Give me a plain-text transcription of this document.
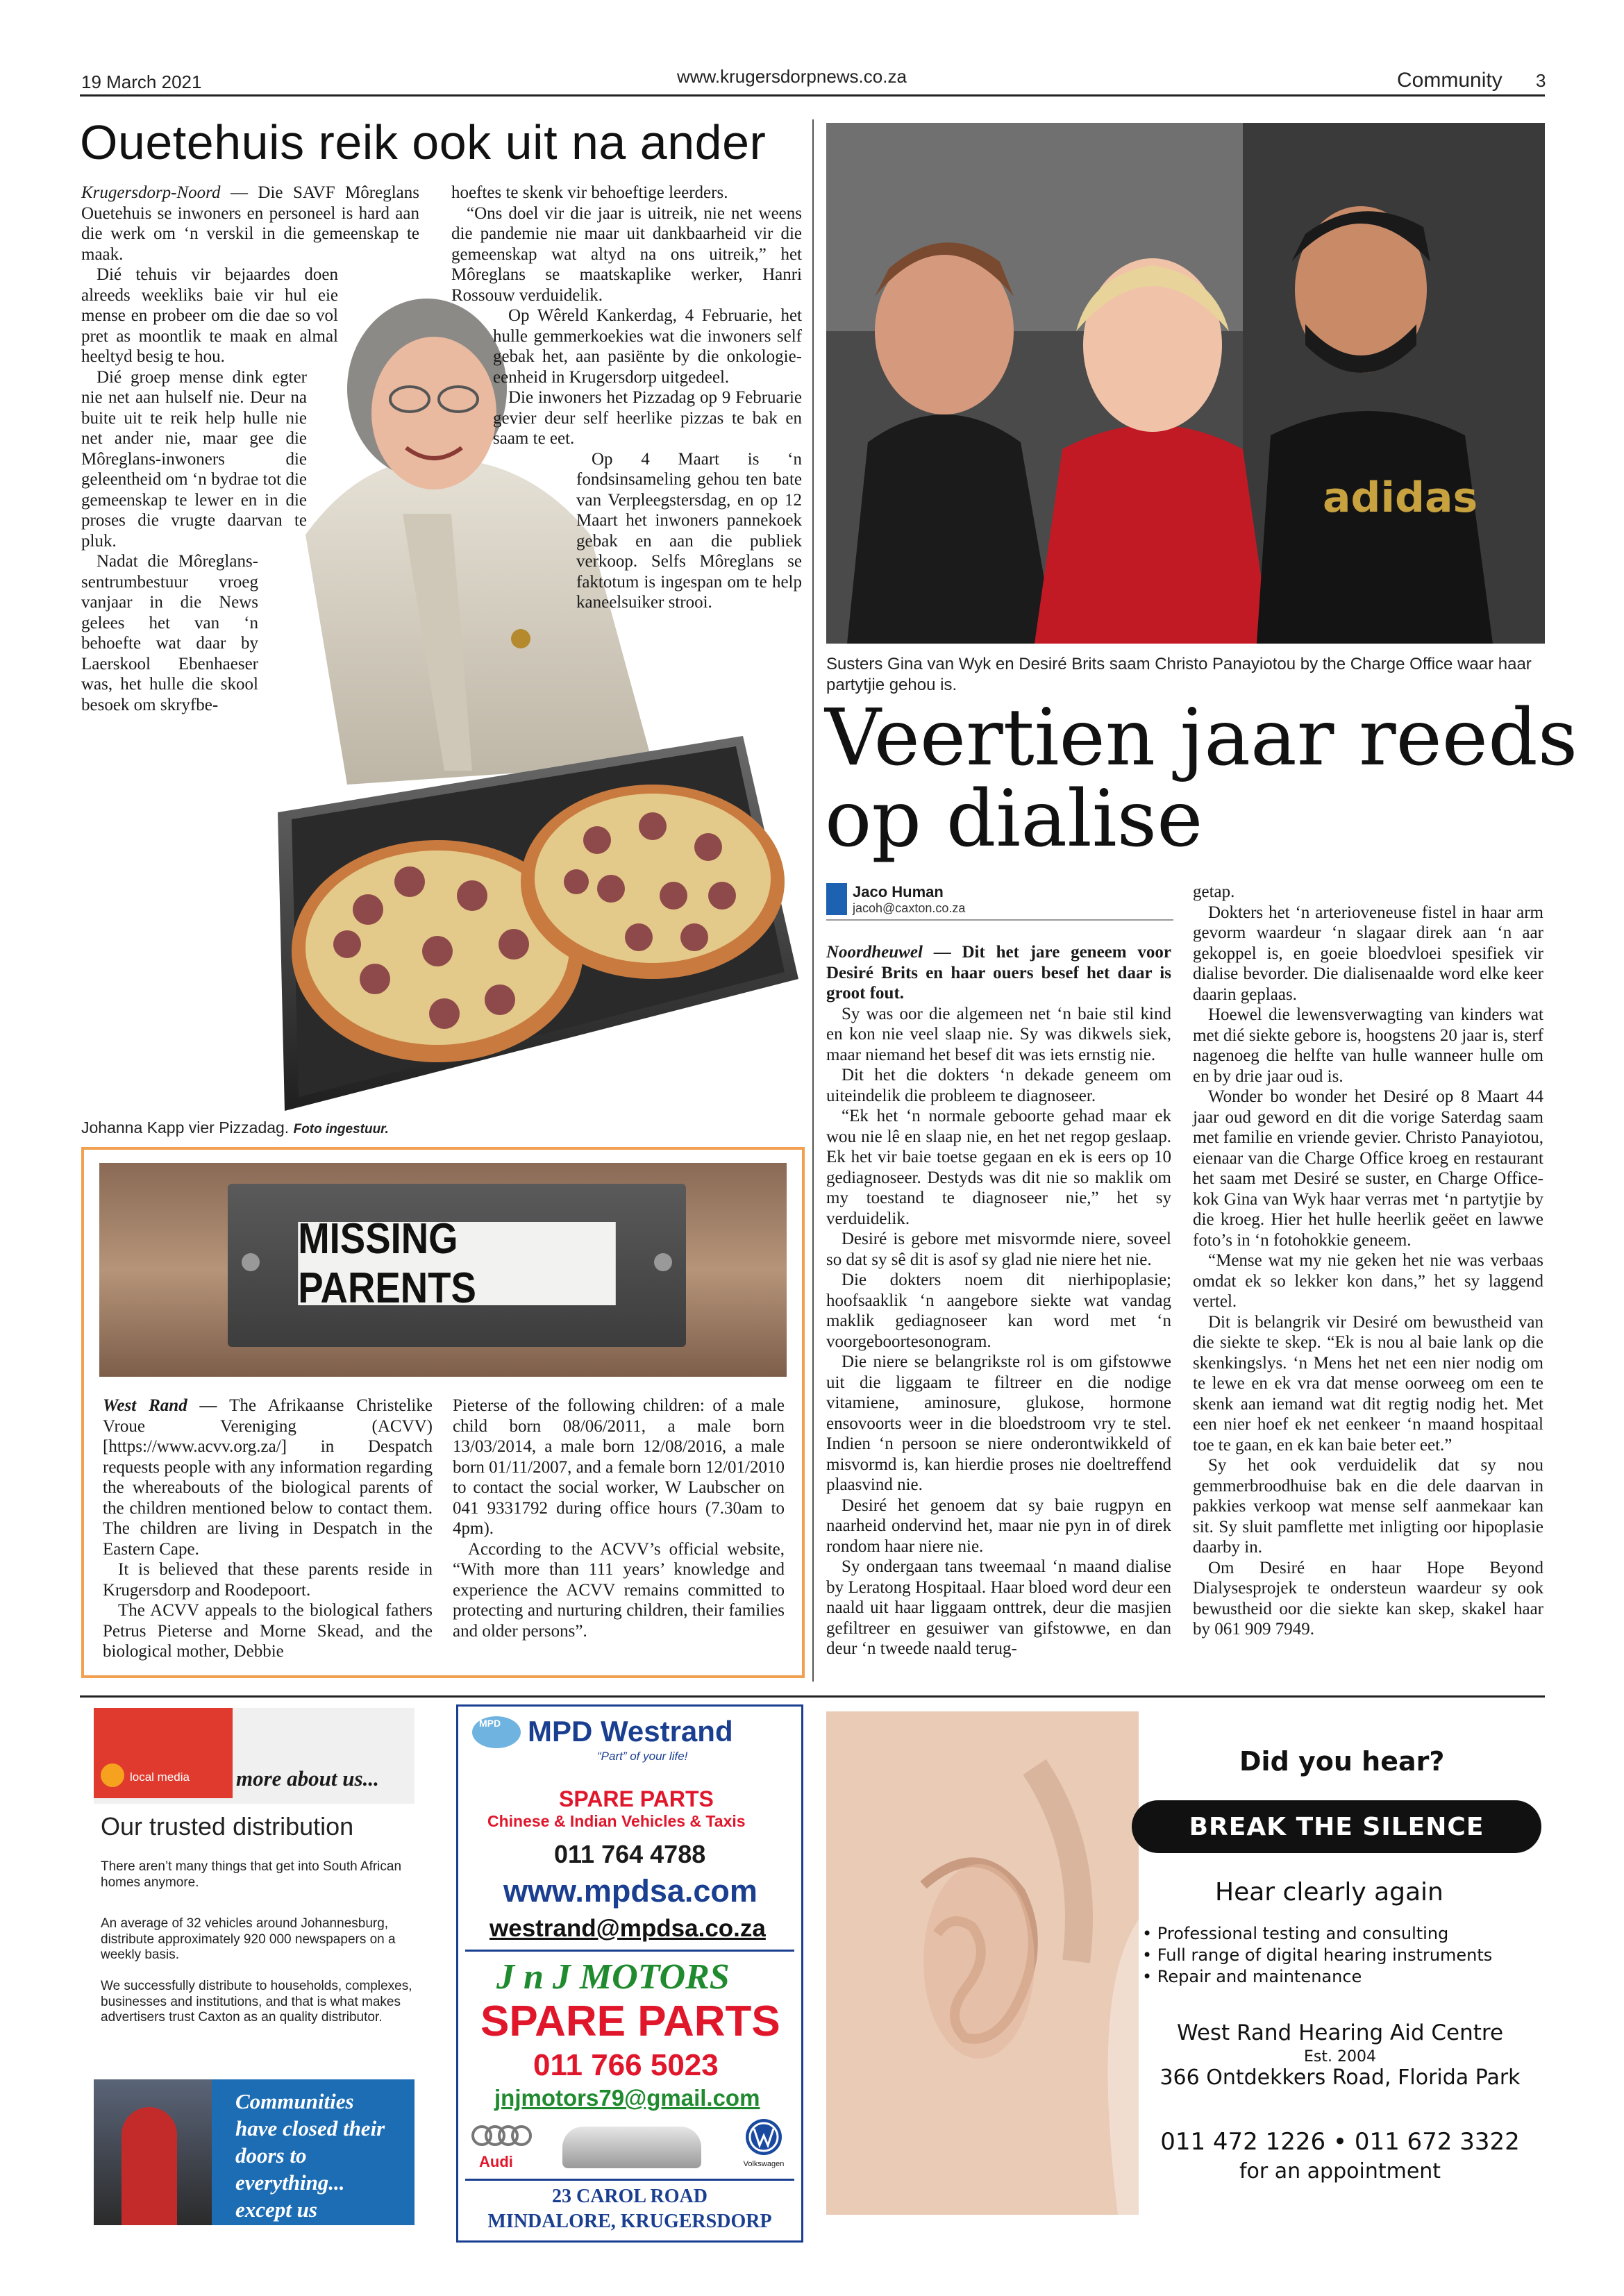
19 March 2021	www.krugersdorpnews.co.za	Community 3
Ouetehuis reik ook uit na ander

Krugersdorp-Noord — Die SAVF Môreglans Ouetehuis se inwoners en personeel is hard aan die werk om ‘n verskil in die gemeenskap te maak.

Dié tehuis vir bejaardes doen alreeds weekliks baie vir hul eie mense en probeer om die dae so vol pret as moontlik te maak en almal heeltyd besig te hou.

Dié groep mense dink egter nie net aan hulself nie. Deur na buite uit te reik help hulle nie net ander nie, maar gee die Môreglans-inwoners die geleentheid om ‘n bydrae tot die gemeenskap te lewer en in die proses die vrugte daarvan te pluk.

Nadat die Môreglans-sentrumbestuur vroeg vanjaar in die News gelees het van ‘n behoefte wat daar by Laerskool Ebenhaeser was, het hulle die skool besoek om skryfbe-

hoeftes te skenk vir behoeftige leerders.

“Ons doel vir die jaar is uitreik, nie net weens die pandemie nie maar uit dankbaarheid vir die gemeenskap wat altyd na ons uitreik,” het Môreglans se maatskaplike werker, Hanri Rossouw verduidelik.

Op Wêreld Kankerdag, 4 Februarie, het hulle gemmerkoekies wat die inwoners self gebak het, aan pasiënte by die onkologie-eenheid in Krugersdorp uitgedeel.

Die inwoners het Pizzadag op 9 Februarie gevier deur self heerlike pizzas te bak en saam te eet.

Op 4 Maart is ‘n fondsinsameling gehou ten bate van Verpleegstersdag, en op 12 Maart het inwoners pannekoek gebak en aan die publiek verkoop. Selfs Môreglans se faktotum is ingespan om te help kaneelsuiker strooi.

Johanna Kapp vier Pizzadag. Foto ingestuur.
MISSING PARENTS

West Rand — The Afrikaanse Christelike Vroue Vereniging (ACVV) [https://www.acvv.org.za/] in Despatch requests people with any information regarding the whereabouts of the biological parents of the children mentioned below to contact them. The children are living in Despatch in the Eastern Cape.

It is believed that these parents reside in Krugersdorp and Roodepoort.

The ACVV appeals to the biological fathers Petrus Pieterse and Morne Skead, and the biological mother, Debbie

Pieterse of the following children: of a male child born 08/06/2011, a male born 13/03/2014, a male born 12/08/2016, a male born 01/11/2007, and a female born 12/01/2010 to contact the social worker, W Laubscher on 041 9331792 during office hours (7.30am to 4pm).

According to the ACVV’s official website, “With more than 111 years’ knowledge and experience the ACVV remains committed to protecting and nurturing children, their families and older persons”.

adidas
Susters Gina van Wyk en Desiré Brits saam Christo Panayiotou by the Charge Office waar haar partytjie gehou is.
Veertien jaar reeds
op dialise
Jaco Human
jacoh@caxton.co.za

Noordheuwel — Dit het jare geneem voor Desiré Brits en haar ouers besef het daar is groot fout.

Sy was oor die algemeen net ‘n baie stil kind en kon nie veel slaap nie. Sy was dikwels siek, maar niemand het besef dit was iets ernstig nie.

Dit het die dokters ‘n dekade geneem om uiteindelik die probleem te diagnoseer.

“Ek het ‘n normale geboorte gehad maar ek wou nie lê en slaap nie, en het net regop geslaap. Ek het vir baie toetse gegaan en ek is eers op 10 gediagnoseer. Destyds was dit nie so maklik om my toestand te diagnoseer nie,” het sy verduidelik.

Desiré is gebore met misvormde niere, soveel so dat sy sê dit is asof sy glad nie niere het nie.

Die dokters noem dit nierhipoplasie; hoofsaaklik ‘n aangebore siekte wat vandag maklik gediagnoseer kan word met ‘n voorgeboortesonogram.

Die niere se belangrikste rol is om gifstowwe uit die liggaam te filtreer en die nodige vitamiene, aminosure, glukose, hormone ensovoorts weer in die bloedstroom vry te stel. Indien ‘n persoon se niere onderontwikkeld of misvormd is, kan hierdie proses nie doeltreffend plaasvind nie.

Desiré het genoem dat sy baie rugpyn en naarheid ondervind het, maar nie pyn in of direk rondom haar niere nie.

Sy ondergaan tans tweemaal ‘n maand dialise by Leratong Hospitaal. Haar bloed word deur een naald uit haar liggaam onttrek, deur die masjien gefiltreer en gesuiwer van gifstowwe, en dan deur ‘n tweede naald terug-

getap.

Dokters het ‘n arterioveneuse fistel in haar arm gevorm waardeur ‘n slagaar direk aan ‘n aar gekoppel is, en goeie bloedvloei spesifiek vir dialise bevorder. Die dialisenaalde word elke keer daarin geplaas.

Hoewel die lewensverwagting van kinders wat met dié siekte gebore is, hoogstens 20 jaar is, sterf nagenoeg die helfte van hulle wanneer hulle om en by drie jaar oud is.

Wonder bo wonder het Desiré op 8 Maart 44 jaar oud geword en dit die vorige Saterdag saam met familie en vriende gevier. Christo Panayiotou, eienaar van die Charge Office kroeg en restaurant het saam met Desiré se suster, en Charge Office-kok Gina van Wyk haar verras met ‘n partytjie by die kroeg. Hier het hulle heerlik geëet en lawwe foto’s in ‘n fotohokkie geneem.

“Mense wat my nie geken het nie was verbaas omdat ek so lekker kon dans,” het sy laggend vertel.

Dit is belangrik vir Desiré om bewustheid van die siekte te skep. “Ek is nou al baie lank op die skenkingslys. ‘n Mens het net een nier nodig om te lewe en ek vra dat mense oorweeg om een te skenk aan iemand wat dit regtig nodig het. Met een nier hoef ek net eenkeer ‘n maand hospitaal toe te gaan, en ek kan baie beter eet.”

Sy het ook verduidelik dat sy nou gemmerbroodhuise bak en die dele daarvan in pakkies verkoop wat mense self aanmekaar kan sit. Sy sluit pamflette met inligting oor hipoplasie daarby in.

Om Desiré en haar Hope Beyond Dialysesprojek te ondersteun waardeur sy ook bewustheid oor die siekte kan skep, skakel haar by 061 909 7949.

local media more about us...
Our trusted distribution
There aren’t many things that get into South African homes anymore.
An average of 32 vehicles around Johannesburg, distribute approximately 920 000 newspapers on a weekly basis.
We successfully distribute to households, complexes, businesses and institutions, and that is what makes advertisers trust Caxton as an quality distributor.
Communities have closed their doors to everything... except us
MPD MPD Westrand
“Part” of your life!
SPARE PARTS
Chinese & Indian Vehicles & Taxis
011 764 4788
www.mpdsa.com
westrand@mpdsa.co.za
J n J MOTORS
SPARE PARTS
011 766 5023
jnjmotors79@gmail.com
Audi	Volkswagen
23 CAROL ROAD
MINDALORE, KRUGERSDORP
Did you hear?
BREAK THE SILENCE
Hear clearly again
• Professional testing and consulting
• Full range of digital hearing instruments
• Repair and maintenance
West Rand Hearing Aid Centre
Est. 2004
366 Ontdekkers Road, Florida Park
011 472 1226 • 011 672 3322
for an appointment
